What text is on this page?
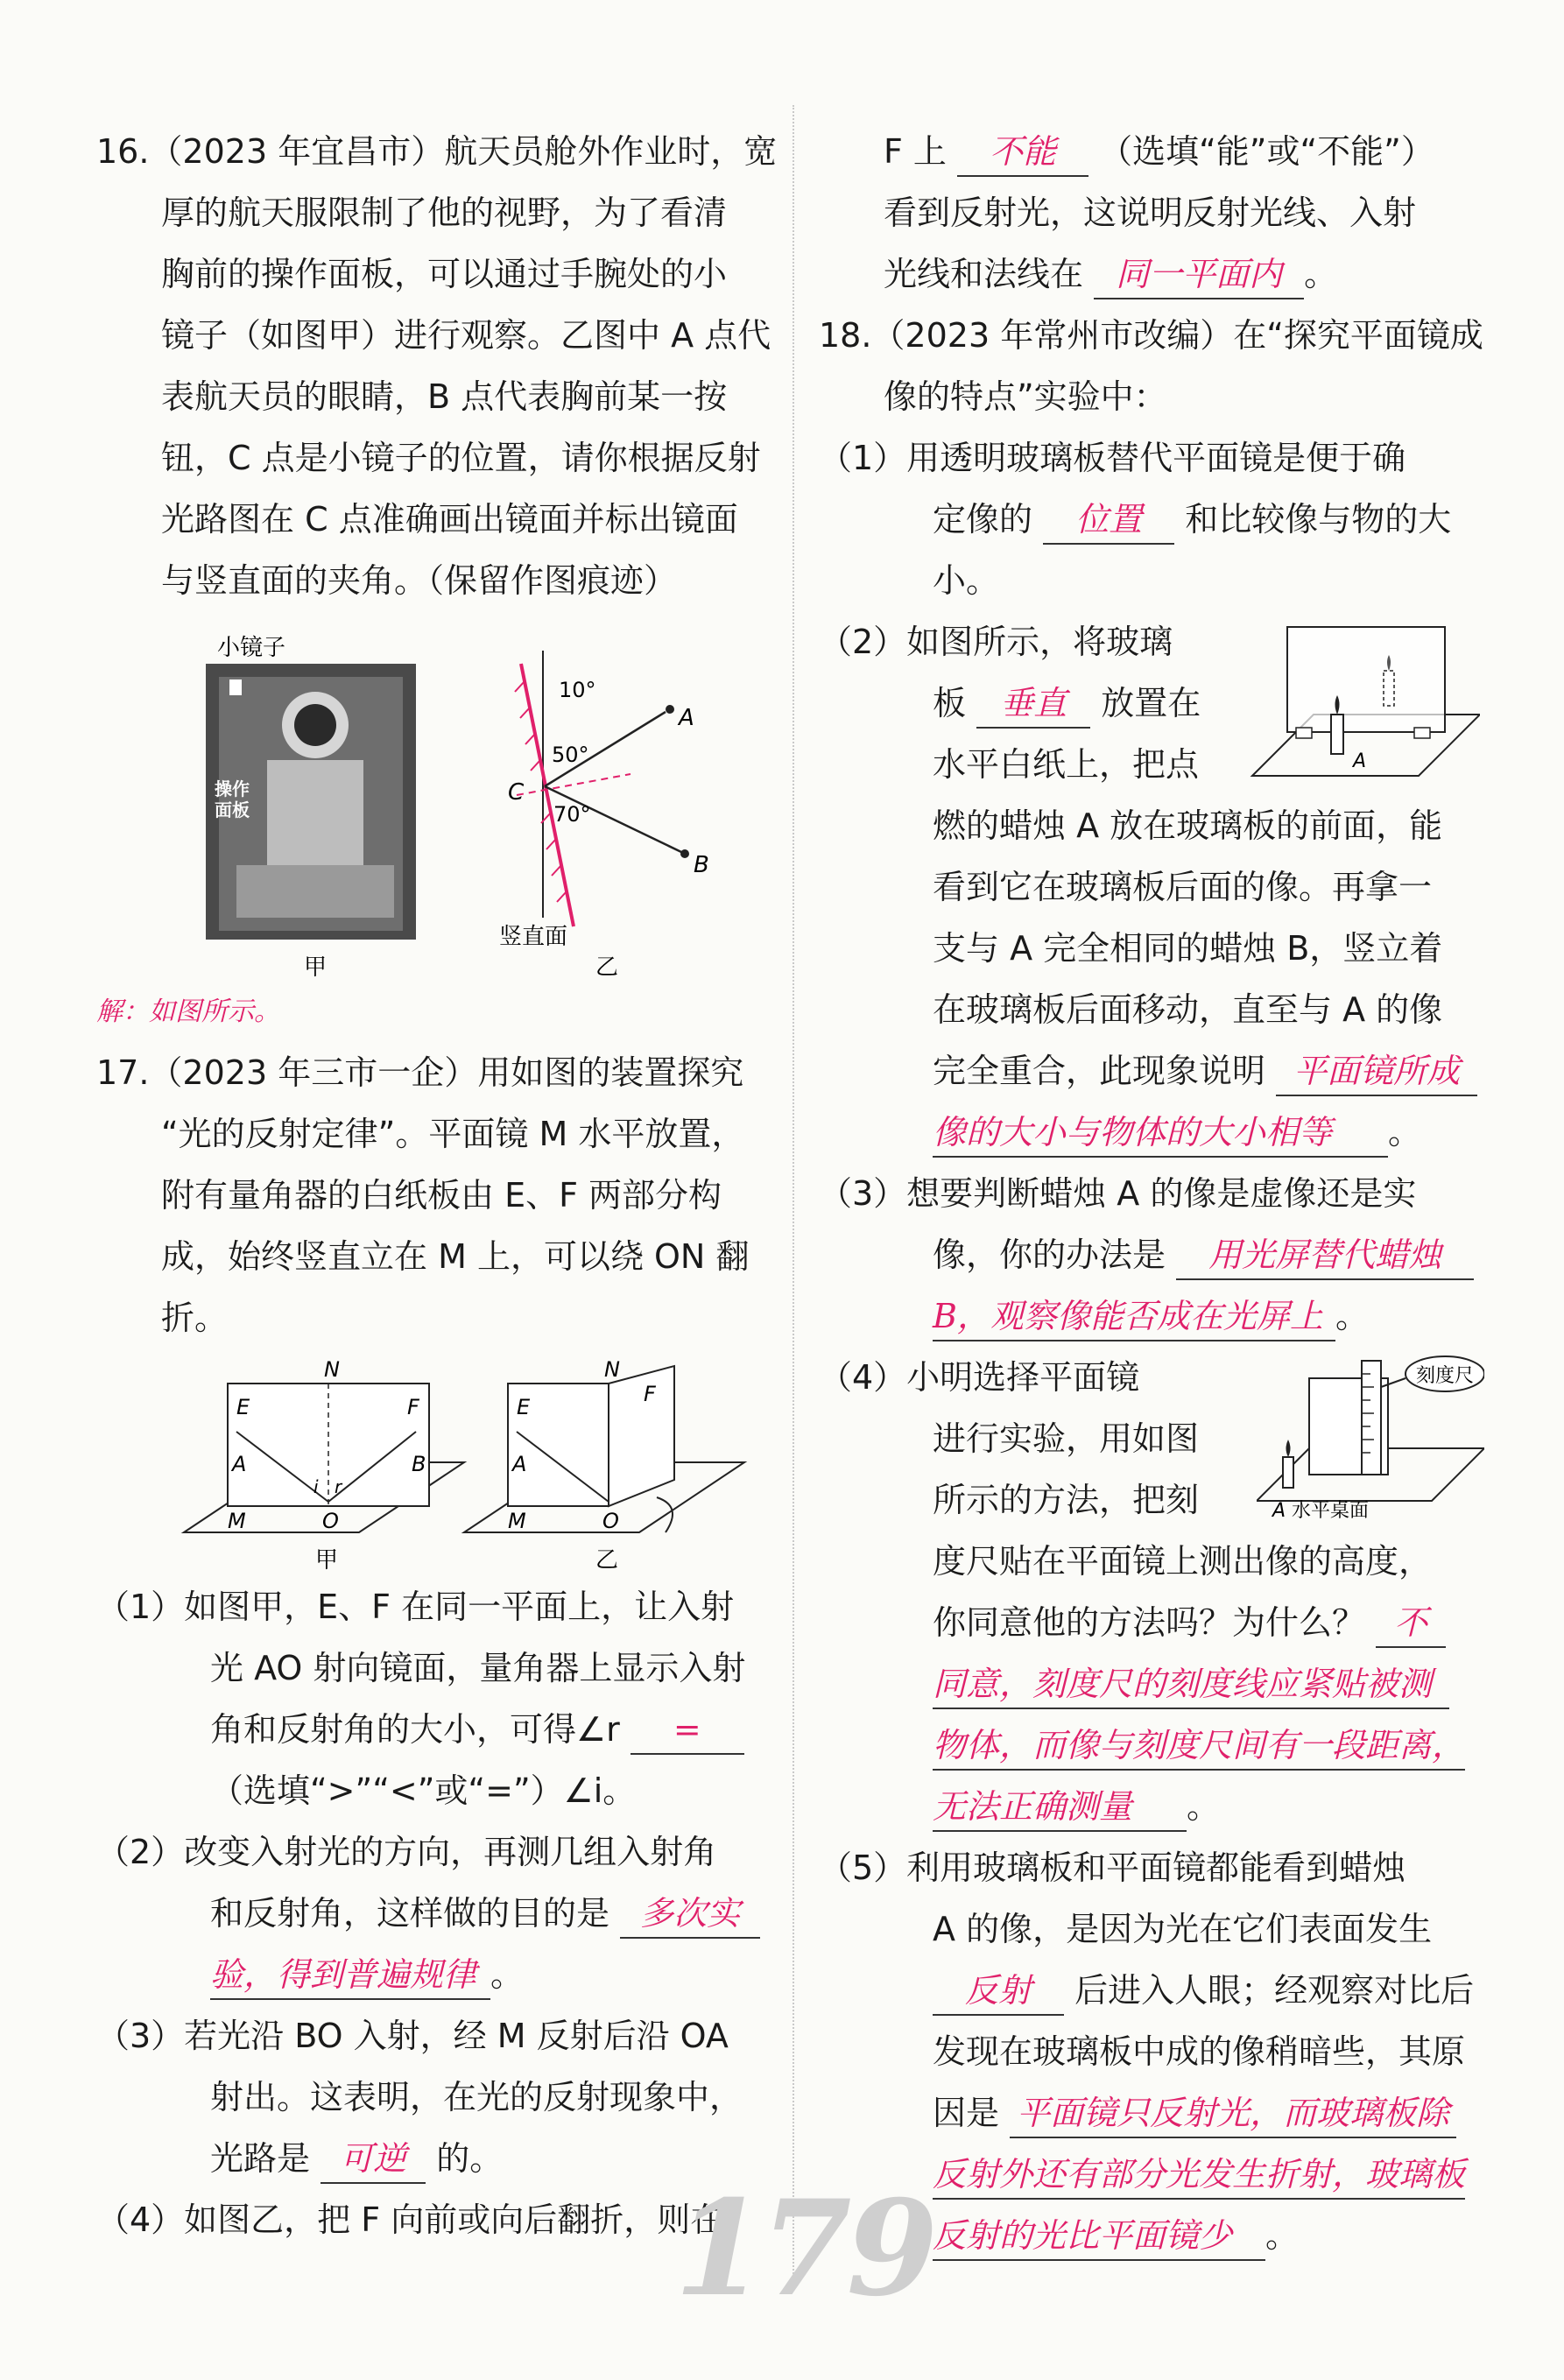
16.（2023 年宜昌市）航天员舱外作业时，宽
厚的航天服限制了他的视野，为了看清
胸前的操作面板，可以通过手腕处的小
镜子（如图甲）进行观察。乙图中 A 点代
表航天员的眼睛，B 点代表胸前某一按
钮，C 点是小镜子的位置，请你根据反射
光路图在 C 点准确画出镜面并标出镜面
与竖直面的夹角。（保留作图痕迹）
小镜子
操作面板
甲
A
B
C
10°
50°
70°
竖直面
乙
解：如图所示。
17.（2023 年三市一企）用如图的装置探究
“光的反射定律”。平面镜 M 水平放置，
附有量角器的白纸板由 E、F 两部分构
成，始终竖直立在 M 上，可以绕 ON 翻
折。
N
E	F
A	B
i r
O
M
甲
N
E
F
A
O
M
乙
（1）如图甲，E、F 在同一平面上，让入射
光 AO 射向镜面，量角器上显示入射
角和反射角的大小，可得∠r =
（选填“>”“<”或“=”）∠i。
（2）改变入射光的方向，再测几组入射角
和反射角，这样做的目的是 多次实
验，得到普遍规律 。
（3）若光沿 BO 入射，经 M 反射后沿 OA
射出。这表明，在光的反射现象中，
光路是 可逆 的。
（4）如图乙，把 F 向前或向后翻折，则在
F 上 不能 （选填“能”或“不能”）
看到反射光，这说明反射光线、入射
光线和法线在 同一平面内 。
18.（2023 年常州市改编）在“探究平面镜成
像的特点”实验中：
（1）用透明玻璃板替代平面镜是便于确
定像的 位置 和比较像与物的大
小。
（2）如图所示，将玻璃
板 垂直 放置在
水平白纸上，把点	A
燃的蜡烛 A 放在玻璃板的前面，能
看到它在玻璃板后面的像。再拿一
支与 A 完全相同的蜡烛 B，竖立着
在玻璃板后面移动，直至与 A 的像
完全重合，此现象说明 平面镜所成
像的大小与物体的大小相等 。
（3）想要判断蜡烛 A 的像是虚像还是实
像，你的办法是 用光屏替代蜡烛
B，观察像能否成在光屏上 。
（4）小明选择平面镜
进行实验，用如图
所示的方法，把刻
刻度尺
A 水平桌面
度尺贴在平面镜上测出像的高度，
你同意他的方法吗？为什么？ 不
同意，刻度尺的刻度线应紧贴被测
物体，而像与刻度尺间有一段距离，
无法正确测量 。
（5）利用玻璃板和平面镜都能看到蜡烛
A 的像，是因为光在它们表面发生
反射 后进入人眼；经观察对比后
发现在玻璃板中成的像稍暗些，其原
因是 平面镜只反射光，而玻璃板除
反射外还有部分光发生折射，玻璃板
反射的光比平面镜少 。
179
